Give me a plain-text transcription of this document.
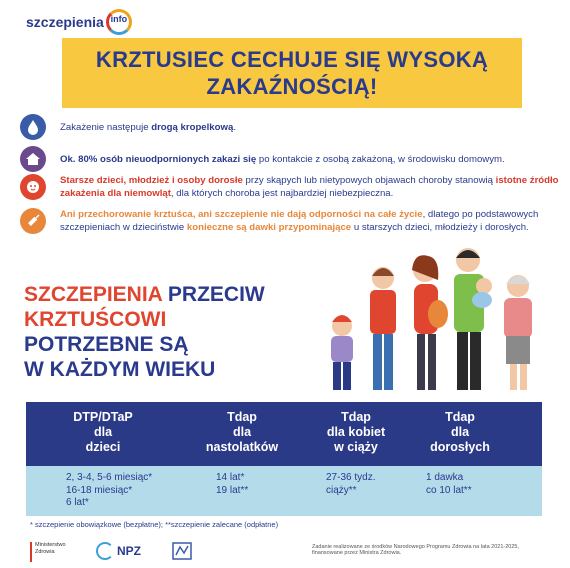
szczepienia info
KRZTUSIEC CECHUJE SIĘ WYSOKĄ
ZAKAŹNOŚCIĄ!
Zakażenie następuje drogą kropelkową.
Ok. 80% osób nieuodpornionych zakazi się po kontakcie z osobą zakażoną, w środowisku domowym.
Starsze dzieci, młodzież i osoby dorosłe przy skąpych lub nietypowych objawach choroby stanowią istotne źródło zakażenia dla niemowląt, dla których choroba jest najbardziej niebezpieczna.
Ani przechorowanie krztuśca, ani szczepienie nie dają odporności na całe życie, dlatego po podstawowych szczepieniach w dzieciństwie konieczne są dawki przypominające u starszych dzieci, młodzieży i dorosłych.
SZCZEPIENIA PRZECIW
KRZTUŚCOWI
POTRZEBNE SĄ
W KAŻDYM WIEKU
DTP/DTaP
dla
dzieci
Tdap
dla
nastolatków
Tdap
dla kobiet
w ciąży
Tdap
dla
dorosłych
2, 3-4, 5-6 miesiąc*
16-18 miesiąc*
6 lat*
14 lat*
19 lat**
27-36 tydz.
ciąży**
1 dawka
co 10 lat**
* szczepienie obowiązkowe (bezpłatne); **szczepienie zalecane (odpłatne)
Ministerstwo
Zdrowia	NPZ	Zadanie realizowane ze środków Narodowego Programu Zdrowia na lata 2021-2025,
finansowane przez Ministra Zdrowia.
